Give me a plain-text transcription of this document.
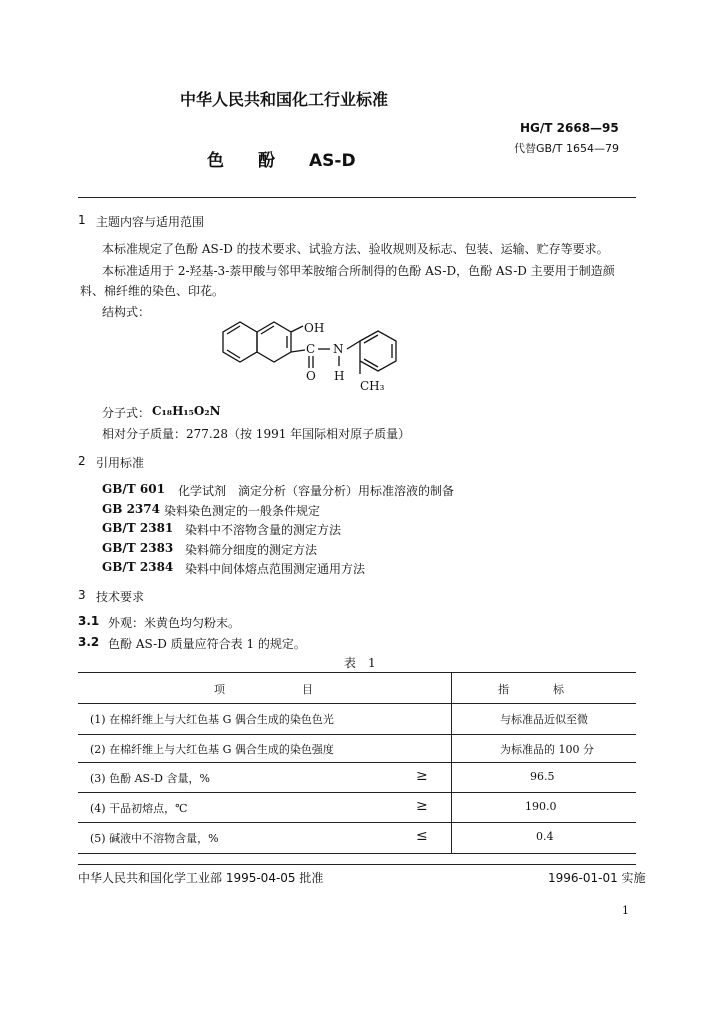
中华人民共和国化工行业标准
HG/T 2668—95
代替GB/T 1654—79
色　　酚　　AS-D
1 主题内容与适用范围
本标准规定了色酚 AS-D 的技术要求、试验方法、验收规则及标志、包装、运输、贮存等要求。
本标准适用于 2-羟基-3-萘甲酸与邻甲苯胺缩合所制得的色酚 AS-D，色酚 AS-D 主要用于制造颜
料、棉纤维的染色、印花。
结构式：
OH
C N
O H
CH₃
分子式： C₁₈H₁₅O₂N
相对分子质量： 277.28（按 1991 年国际相对原子质量）
2 引用标准
GB/T 601 化学试剂　滴定分析（容量分析）用标准溶液的制备
GB 2374 染料染色测定的一般条件规定
GB/T 2381 染料中不溶物含量的测定方法
GB/T 2383 染料筛分细度的测定方法
GB/T 2384 染料中间体熔点范围测定通用方法
3 技术要求
3.1 外观：米黄色均匀粉末。
3.2 色酚 AS-D 质量应符合表 1 的规定。
表　1
项　　　　　　　目	指　　　　标
(1) 在棉纤维上与大红色基 G 偶合生成的染色色光	与标准品近似至微
(2) 在棉纤维上与大红色基 G 偶合生成的染色强度	为标准品的 100 分
(3) 色酚 AS-D 含量，%	≥	96.5
(4) 干品初熔点，℃	≥	190.0
(5) 碱液中不溶物含量，%	≤	0.4
中华人民共和国化学工业部 1995-04-05 批准	1996-01-01 实施
1
